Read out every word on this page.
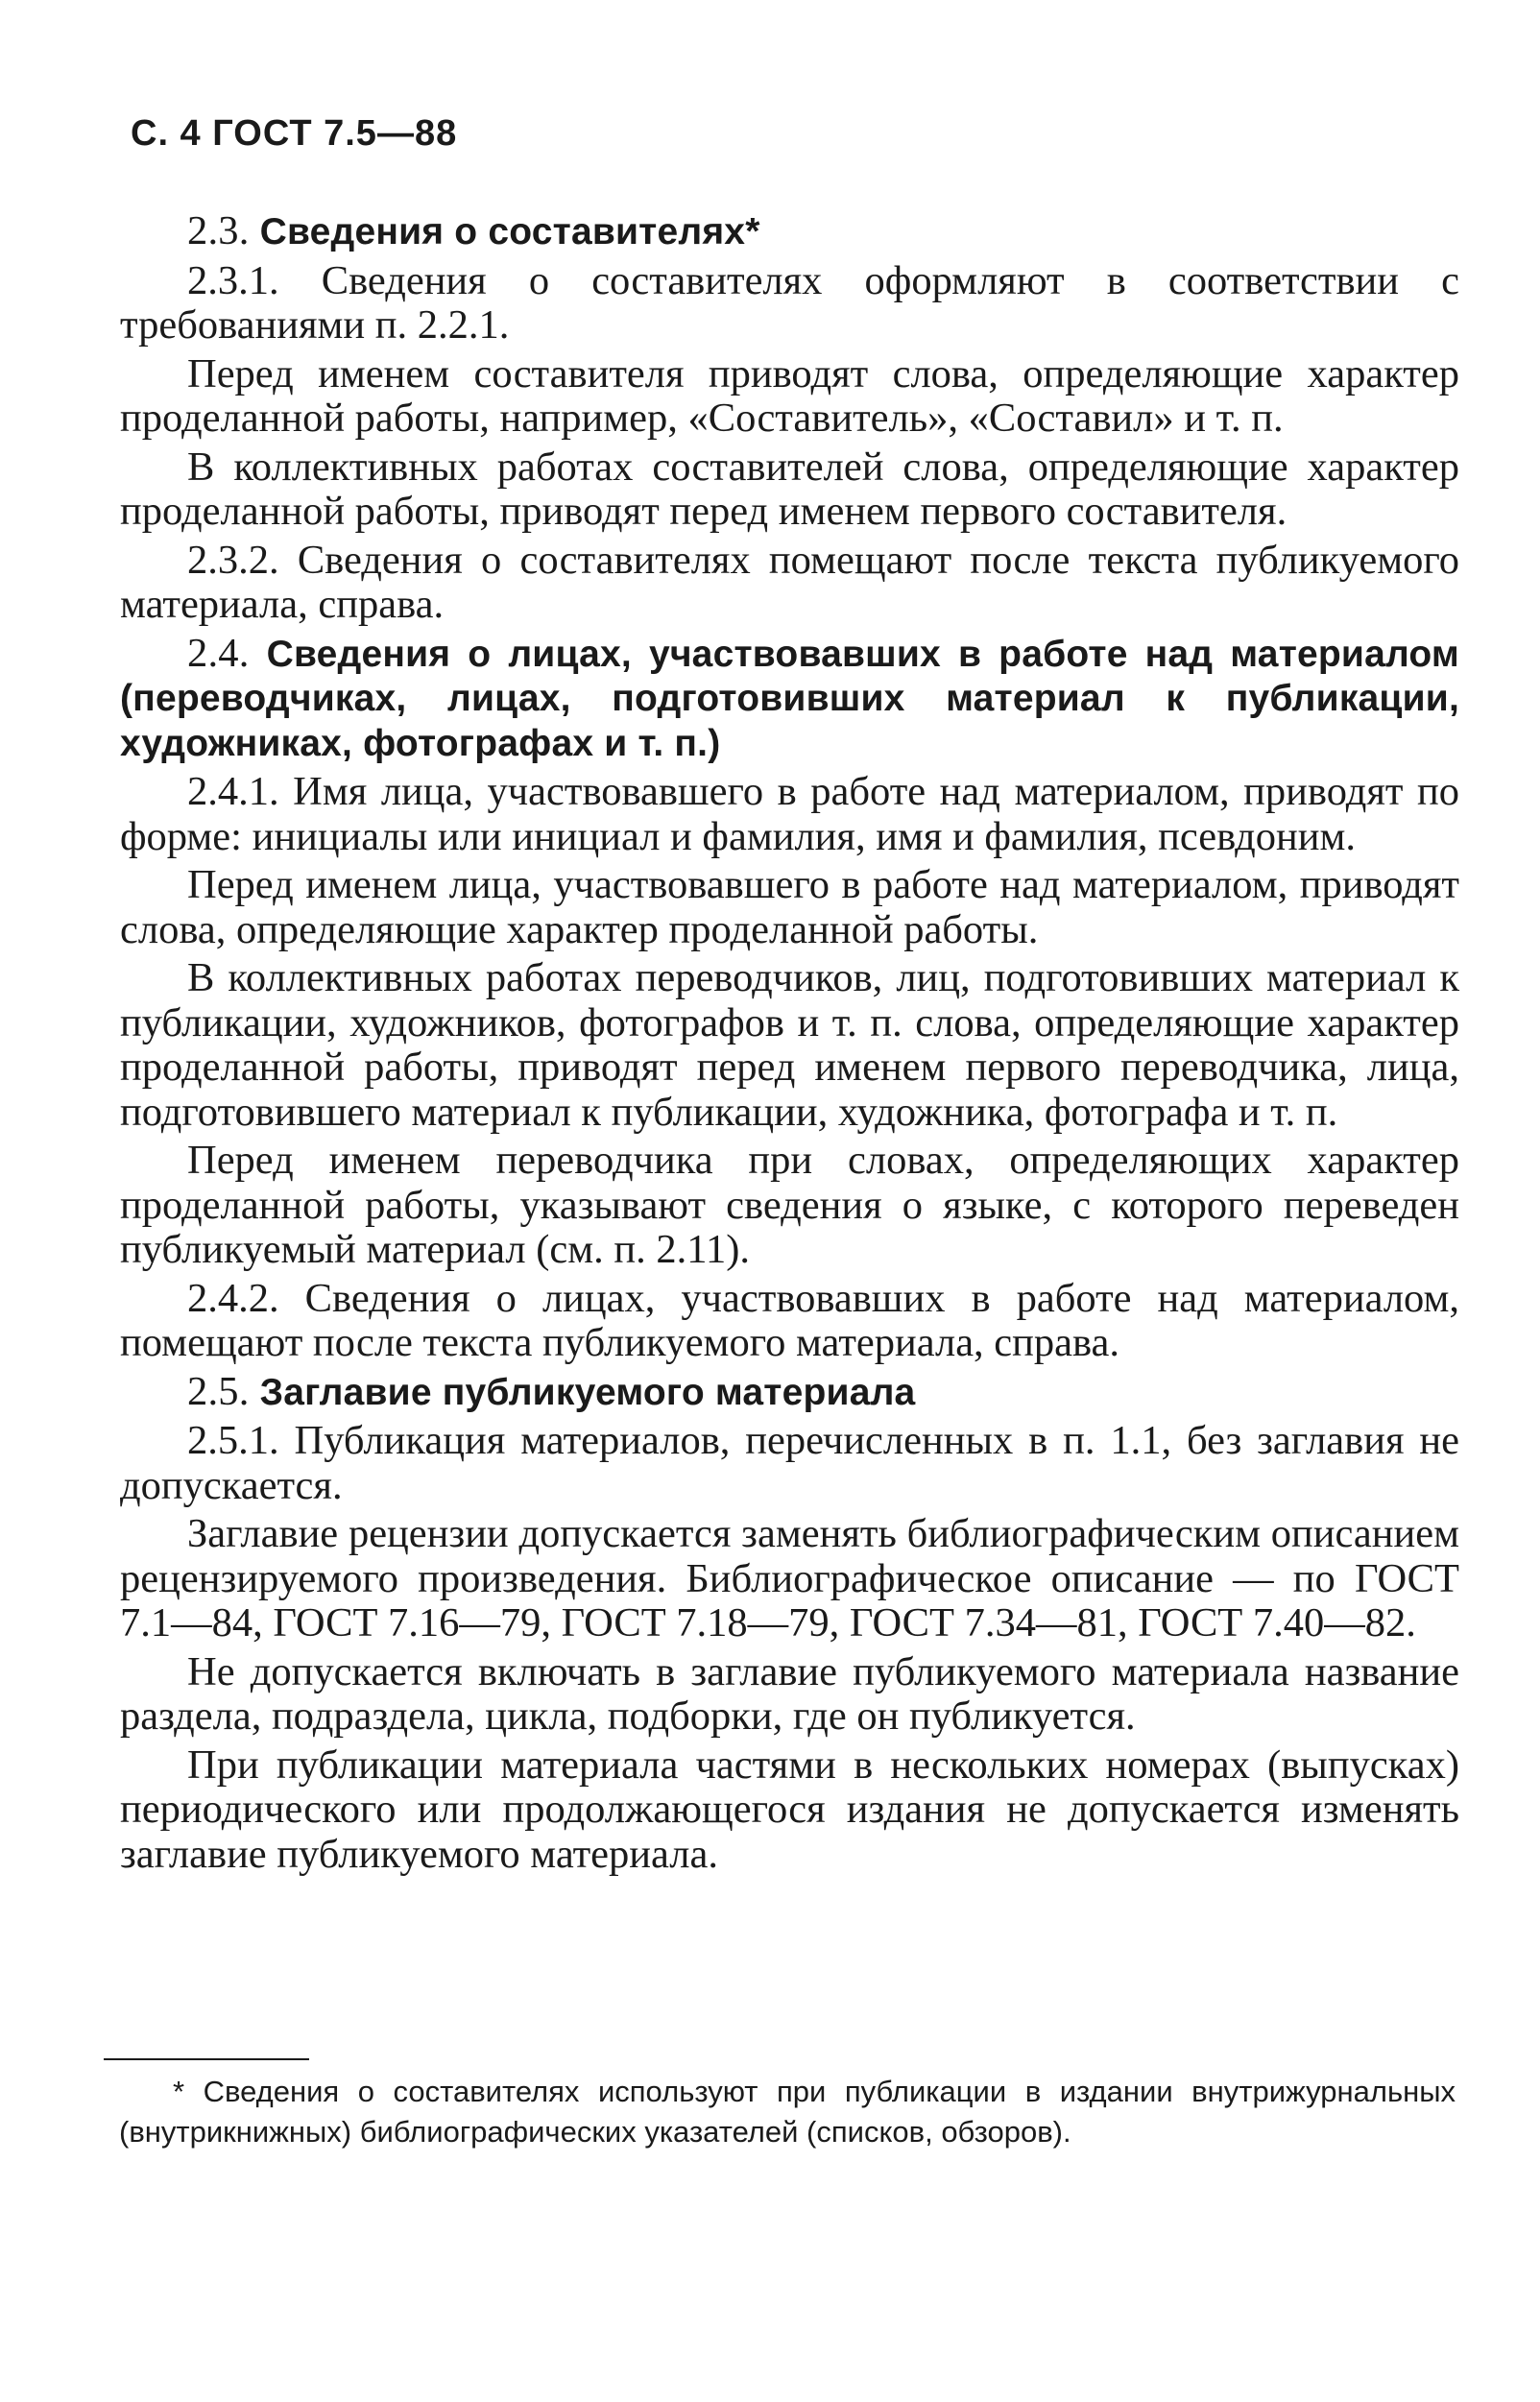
С. 4 ГОСТ 7.5—88

2.3. Сведения о составителях*

2.3.1. Сведения о составителях оформляют в соответствии с требованиями п. 2.2.1.

Перед именем составителя приводят слова, определяющие характер проделанной работы, например, «Составитель», «Составил» и т. п.

В коллективных работах составителей слова, определяющие характер проделанной работы, приводят перед именем первого составителя.

2.3.2. Сведения о составителях помещают после текста публикуемого материала, справа.

2.4. Сведения о лицах, участвовавших в работе над материалом (переводчиках, лицах, подготовивших материал к публикации, художниках, фотографах и т. п.)

2.4.1. Имя лица, участвовавшего в работе над материалом, приводят по форме: инициалы или инициал и фамилия, имя и фамилия, псевдоним.

Перед именем лица, участвовавшего в работе над материалом, приводят слова, определяющие характер проделанной работы.

В коллективных работах переводчиков, лиц, подготовивших материал к публикации, художников, фотографов и т. п. слова, определяющие характер проделанной работы, приводят перед именем первого переводчика, лица, подготовившего материал к публикации, художника, фотографа и т. п.

Перед именем переводчика при словах, определяющих характер проделанной работы, указывают сведения о языке, с которого переведен публикуемый материал (см. п. 2.11).

2.4.2. Сведения о лицах, участвовавших в работе над материалом, помещают после текста публикуемого материала, справа.

2.5. Заглавие публикуемого материала

2.5.1. Публикация материалов, перечисленных в п. 1.1, без заглавия не допускается.

Заглавие рецензии допускается заменять библиографическим описанием рецензируемого произведения. Библиографическое описание — по ГОСТ 7.1—84, ГОСТ 7.16—79, ГОСТ 7.18—79, ГОСТ 7.34—81, ГОСТ 7.40—82.

Не допускается включать в заглавие публикуемого материала название раздела, подраздела, цикла, подборки, где он публикуется.

При публикации материала частями в нескольких номерах (выпусках) периодического или продолжающегося издания не допускается изменять заглавие публикуемого материала.

* Сведения о составителях используют при публикации в издании внутрижурнальных (внутрикнижных) библиографических указателей (списков, обзоров).
